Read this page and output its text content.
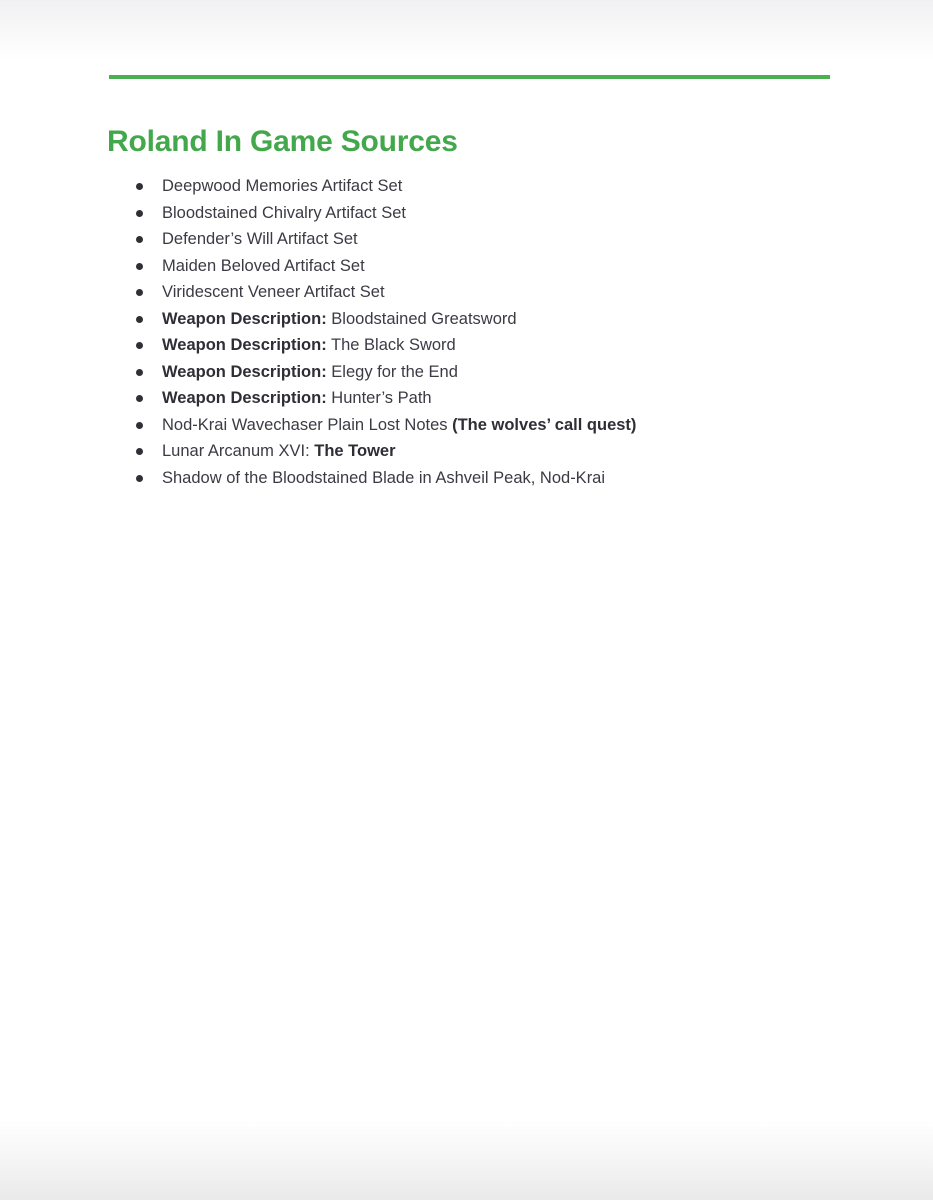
Roland In Game Sources
Deepwood Memories Artifact Set
Bloodstained Chivalry Artifact Set
Defender’s Will Artifact Set
Maiden Beloved Artifact Set
Viridescent Veneer Artifact Set
Weapon Description: Bloodstained Greatsword
Weapon Description: The Black Sword
Weapon Description: Elegy for the End
Weapon Description: Hunter’s Path
Nod-Krai Wavechaser Plain Lost Notes (The wolves’ call quest)
Lunar Arcanum XVI: The Tower
Shadow of the Bloodstained Blade in Ashveil Peak, Nod-Krai
